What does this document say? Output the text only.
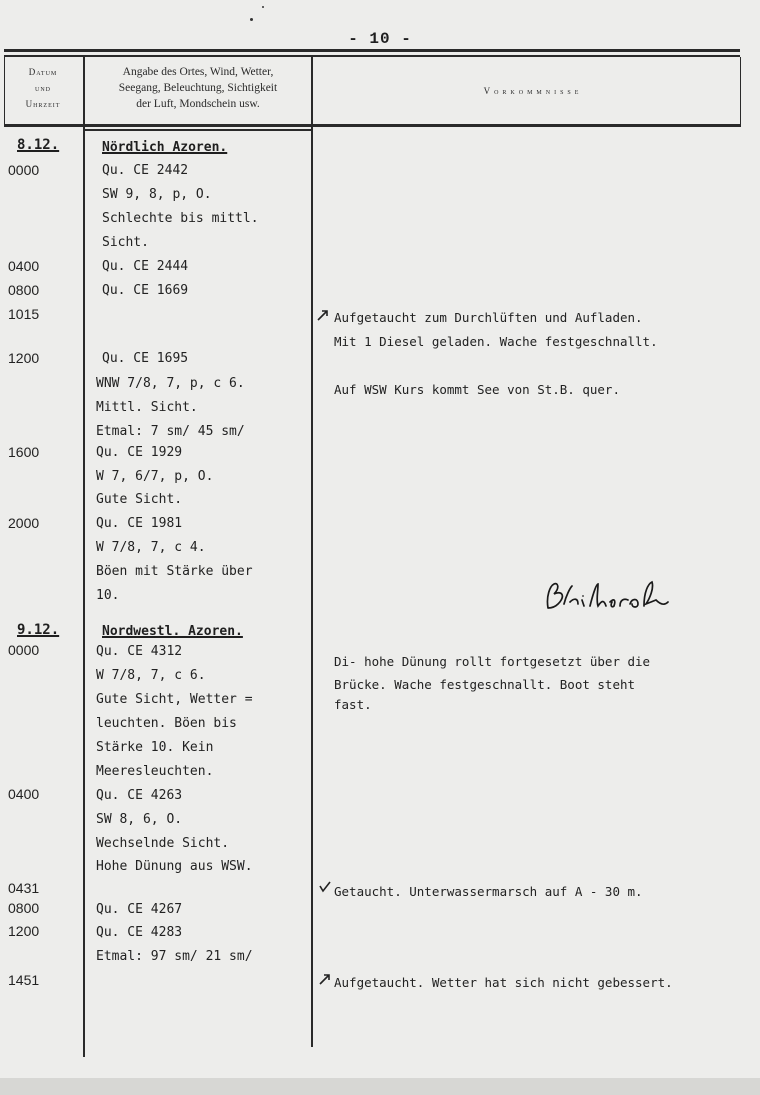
- 10 -
Datum
und
Uhrzeit
Angabe des Ortes, Wind, Wetter,
Seegang, Beleuchtung, Sichtigkeit
der Luft, Mondschein usw.
Vorkommnisse
8.12.	Nördlich Azoren.
9.12.	Nordwestl. Azoren.
0000
0400
0800
1015
1200
1600
2000
0000
0400
0431
0800
1200
1451
Qu. CE 2442
SW 9, 8, p, O.
Schlechte bis mittl.
Sicht.
Qu. CE 2444
Qu. CE 1669
Qu. CE 1695
WNW 7/8, 7, p, c 6.
Mittl. Sicht.
Etmal: 7 sm/ 45 sm/
Qu. CE 1929
W 7, 6/7, p, O.
Gute Sicht.
Qu. CE 1981
W 7/8, 7, c 4.
Böen mit Stärke über
10.
Qu. CE 4312
W 7/8, 7, c 6.
Gute Sicht, Wetter =
leuchten. Böen bis
Stärke 10. Kein
Meeresleuchten.
Qu. CE 4263
SW 8, 6, O.
Wechselnde Sicht.
Hohe Dünung aus WSW.
Qu. CE 4267
Qu. CE 4283
Etmal: 97 sm/ 21 sm/
Aufgetaucht zum Durchlüften und Aufladen.
Mit 1 Diesel geladen. Wache festgeschnallt.
Auf WSW Kurs kommt See von St.B. quer.
Di- hohe Dünung rollt fortgesetzt über die
Brücke. Wache festgeschnallt. Boot steht
fast.
Getaucht. Unterwassermarsch auf A - 30 m.
Aufgetaucht. Wetter hat sich nicht gebessert.
